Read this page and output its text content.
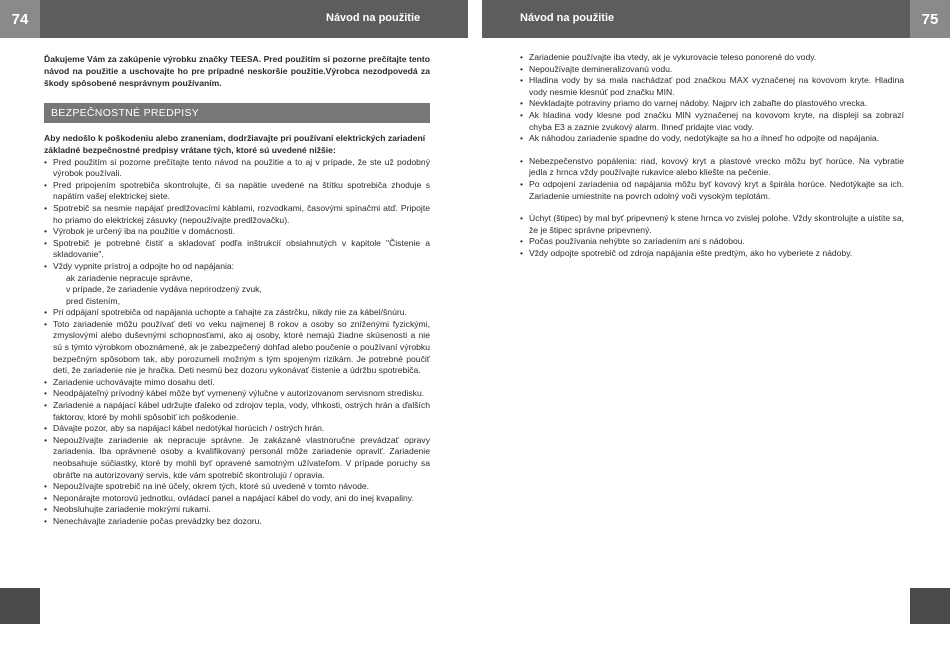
74	75
Návod na použitie	Návod na použitie
Ďakujeme Vám za zakúpenie výrobku značky TEESA. Pred použitím si pozorne prečítajte tento návod na použitie a uschovajte ho pre prípadné neskoršie použitie.Výrobca nezodpovedá za škody spôsobené nesprávnym používaním.
BEZPEČNOSTNÉ PREDPISY
Aby nedošlo k poškodeniu alebo zraneniam, dodržiavajte pri používaní elektrických zariadení základné bezpečnostné predpisy vrátane tých, ktoré sú uvedené nižšie:
• Pred použitím si pozorne prečítajte tento návod na použitie a to aj v prípade, že ste už podobný výrobok používali.
• Pred pripojením spotrebiča skontrolujte, či sa napätie uvedené na štítku spotrebiča zhoduje s napätím vašej elektrickej siete.
• Spotrebič sa nesmie napájať predlžovacími káblami, rozvodkami, časovými spínačmi atď. Pripojte ho priamo do elektrickej zásuvky (nepoužívajte predlžovačku).
• Výrobok je určený iba na použitie v domácnosti.
• Spotrebič je potrebné čistiť a skladovať podľa inštrukcií obsiahnutých v kapitole "Čistenie a skladovanie".
• Vždy vypnite prístroj a odpojte ho od napájania:
ak zariadenie nepracuje správne,
v prípade, že zariadenie vydáva neprirodzený zvuk,
pred čistením,
• Pri odpájaní spotrebiča od napájania uchopte a ťahajte za zástrčku, nikdy nie za kábel/šnúru.
• Toto zariadenie môžu používať deti vo veku najmenej 8 rokov a osoby so zníženými fyzickými, zmyslovými alebo duševnými schopnosťami, ako aj osoby, ktoré nemajú žiadne skúsenosti a nie sú s týmto výrobkom oboznámené, ak je zabezpečený dohľad alebo poučenie o používaní výrobku bezpečným spôsobom tak, aby porozumeli možným s tým spojeným rizikám. Je potrebné poučiť deti, že zariadenie nie je hračka. Deti nesmú bez dozoru vykonávať čistenie a údržbu spotrebiča.
• Zariadenie uchovávajte mimo dosahu detí.
• Neodpájateľný prívodný kábel môže byť vymenený výlučne v autorizovanom servisnom stredisku.
• Zariadenie a napájací kábel udržujte ďaleko od zdrojov tepla, vody, vlhkosti, ostrých hrán a ďalších faktorov, ktoré by mohli spôsobiť ich poškodenie.
• Dávajte pozor, aby sa napájací kábel nedotýkal horúcich / ostrých hrán.
• Nepoužívajte zariadenie ak nepracuje správne. Je zakázané vlastnoručne prevádzať opravy zariadenia. Iba oprávnené osoby a kvalifikovaný personál môže zariadenie opraviť. Zariadenie neobsahuje súčiastky, ktoré by mohli byť opravené samotným užívateľom. V prípade poruchy sa obráťte na autorizovaný servis, kde vám spotrebič skontrolujú / opravia.
• Nepoužívajte spotrebič na iné účely, okrem tých, ktoré sú uvedené v tomto návode.
• Neponárajte motorovú jednotku, ovládací panel a napájací kábel do vody, ani do inej kvapaliny.
• Neobsluhujte zariadenie mokrými rukami.
• Nenechávajte zariadenie počas prevádzky bez dozoru.
• Zariadenie používajte iba vtedy, ak je vykurovacie teleso ponorené do vody.
• Nepoužívajte demineralizovanú vodu.
• Hladina vody by sa mala nachádzať pod značkou MAX vyznačenej na kovovom kryte. Hladina vody nesmie klesnúť pod značku MIN.
• Nevkladajte potraviny priamo do varnej nádoby. Najprv ich zabaľte do plastového vrecka.
• Ak hladina vody klesne pod značku MIN vyznačenej na kovovom kryte, na displeji sa zobrazí chyba E3 a zaznie zvukový alarm. Ihneď pridajte viac vody.
• Ak náhodou zariadenie spadne do vody, nedotýkajte sa ho a ihneď ho odpojte od napájania.
• Nebezpečenstvo popálenia: riad, kovový kryt a plastové vrecko môžu byť horúce. Na vybratie jedla z hrnca vždy používajte rukavice alebo kliešte na pečenie.
• Po odpojení zariadenia od napájania môžu byť kovový kryt a špirála horúce. Nedotýkajte sa ich. Zariadenie umiestnite na povrch odolný voči vysokým teplotám.
• Úchyt (štipec) by mal byť pripevnený k stene hrnca vo zvislej polohe. Vždy skontrolujte a uistite sa, že je štipec správne pripevnený.
• Počas používania nehýbte so zariadením ani s nádobou.
• Vždy odpojte spotrebič od zdroja napájania ešte predtým, ako ho vyberiete z nádoby.
